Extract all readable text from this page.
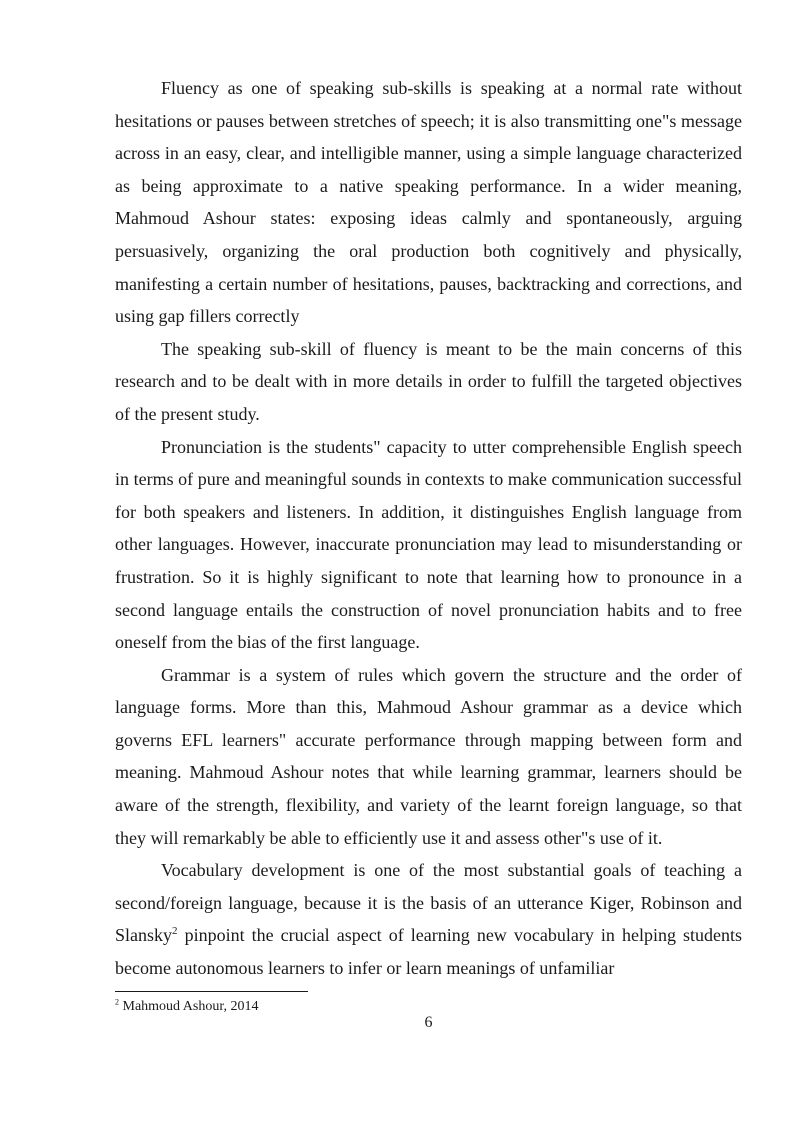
Fluency as one of speaking sub-skills is speaking at a normal rate without hesitations or pauses between stretches of speech; it is also transmitting one"s message across in an easy, clear, and intelligible manner, using a simple language characterized as being approximate to a native speaking performance. In a wider meaning, Mahmoud Ashour states: exposing ideas calmly and spontaneously, arguing persuasively, organizing the oral production both cognitively and physically, manifesting a certain number of hesitations, pauses, backtracking and corrections, and using gap fillers correctly

The speaking sub-skill of fluency is meant to be the main concerns of this research and to be dealt with in more details in order to fulfill the targeted objectives of the present study.

Pronunciation is the students" capacity to utter comprehensible English speech in terms of pure and meaningful sounds in contexts to make communication successful for both speakers and listeners. In addition, it distinguishes English language from other languages. However, inaccurate pronunciation may lead to misunderstanding or frustration. So it is highly significant to note that learning how to pronounce in a second language entails the construction of novel pronunciation habits and to free oneself from the bias of the first language.

Grammar is a system of rules which govern the structure and the order of language forms. More than this, Mahmoud Ashour grammar as a device which governs EFL learners" accurate performance through mapping between form and meaning. Mahmoud Ashour notes that while learning grammar, learners should be aware of the strength, flexibility, and variety of the learnt foreign language, so that they will remarkably be able to efficiently use it and assess other"s use of it.

Vocabulary development is one of the most substantial goals of teaching a second/foreign language, because it is the basis of an utterance Kiger, Robinson and Slansky$^2$ pinpoint the crucial aspect of learning new vocabulary in helping students become autonomous learners to infer or learn meanings of unfamiliar

$^2$ Mahmoud Ashour, 2014
6
